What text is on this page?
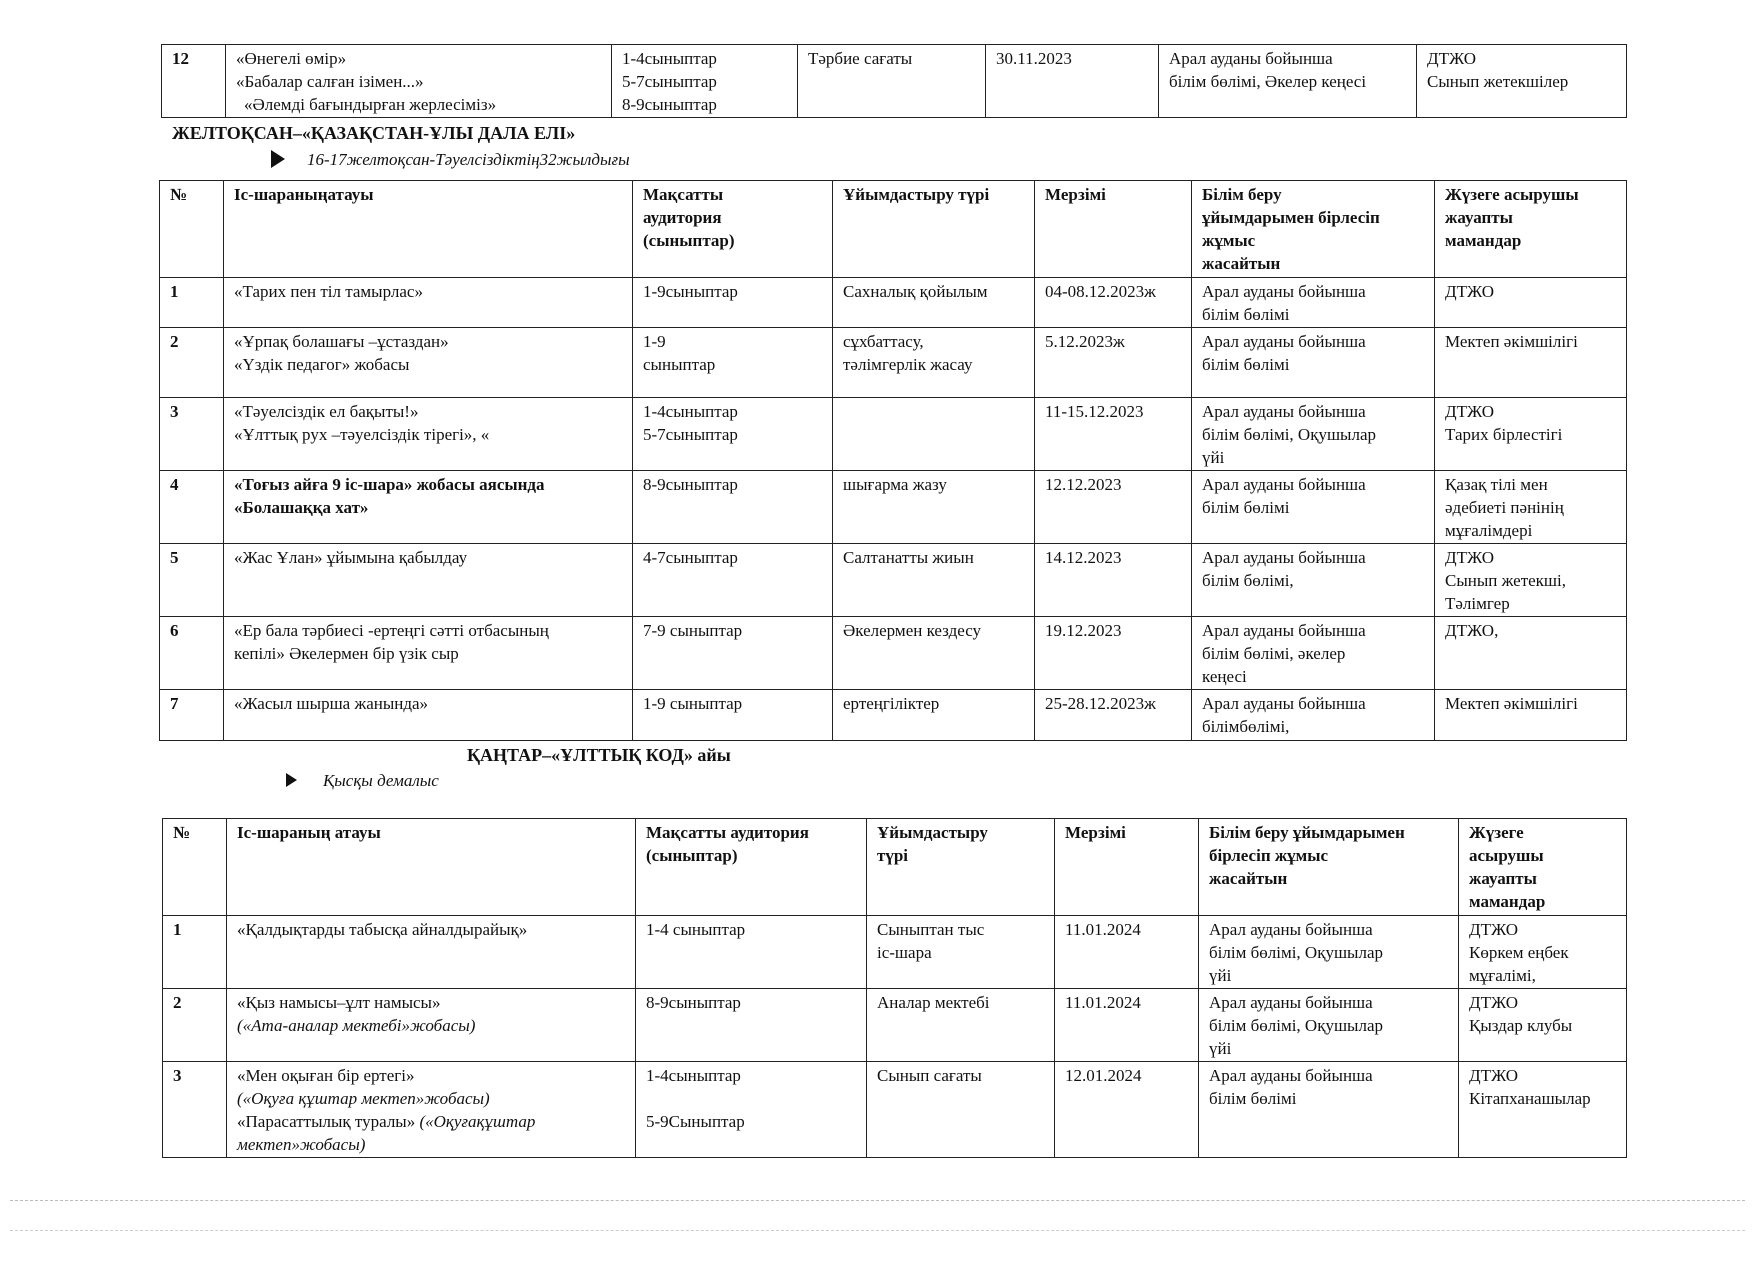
12	«Өнегелі өмір»
«Бабалар салған ізімен...»
«Әлемді бағындырған жерлесіміз»

1-4сыныптар
5-7сыныптар
8-9сыныптар
	Тәрбие сағаты	30.11.2023	Арал ауданы бойынша
білім бөлімі, Әкелер кеңесі

ДТЖО
Сынып жетекшілер
ЖЕЛТОҚСАН–«ҚАЗАҚСТАН-ҰЛЫ ДАЛА ЕЛІ»
16-17желтоқсан-Тәуелсіздіктің32жылдығы
№	Іс-шараныңатауы	Мақсатты
аудитория
(сыныптар)	Ұйымдастыру түрі	Мерзімі	Білім беру
ұйымдарымен бірлесіп
жұмыс
жасайтын	Жүзеге асырушы
жауапты
мамандар

1	«Тарих пен тіл тамырлас»	1-9сыныптар	Сахналық қойылым	04-08.12.2023ж	Арал ауданы бойынша
білім бөлімі	ДТЖО

2	«Ұрпақ болашағы –ұстаздан»
«Үздік педагог» жобасы	1-9
сыныптар	сұхбаттасу,
тәлімгерлік жасау	5.12.2023ж	Арал ауданы бойынша
білім бөлімі	Мектеп әкімшілігі

3	«Тәуелсіздік ел бақыты!»
«Ұлттық рух –тәуелсіздік тірегі», «	1-4сыныптар
5-7сыныптар		11-15.12.2023	Арал ауданы бойынша
білім бөлімі, Оқушылар
үйі	ДТЖО
Тарих бірлестігі

4	«Тоғыз айға 9 іс-шара» жобасы аясында
«Болашаққа хат»	8-9сыныптар	шығарма жазу	12.12.2023	Арал ауданы бойынша
білім бөлімі	Қазақ тілі мен
әдебиеті пәнінің
мұғалімдері

5	«Жас Ұлан» ұйымына қабылдау	4-7сыныптар	Салтанатты жиын	14.12.2023	Арал ауданы бойынша
білім бөлімі,	ДТЖО
Сынып жетекші,
Тәлімгер

6	«Ер бала тәрбиесі -ертеңгі сәтті отбасының
кепілі» Әкелермен бір үзік сыр	7-9 сыныптар	Әкелермен кездесу	19.12.2023	Арал ауданы бойынша
білім бөлімі, әкелер
кеңесі	ДТЖО,

7	«Жасыл шырша жанында»	1-9 сыныптар	ертеңгіліктер	25-28.12.2023ж	Арал ауданы бойынша
білімбөлімі,	Мектеп әкімшілігі
ҚАҢТАР–«ҰЛТТЫҚ КОД» айы
Қысқы демалыс
№	Іс-шараның атауы	Мақсатты аудитория
(сыныптар)	Ұйымдастыру
түрі	Мерзімі	Білім беру ұйымдарымен
бірлесіп жұмыс
жасайтын	Жүзеге
асырушы
жауапты
мамандар

1	«Қалдықтарды табысқа айналдырайық»	1-4 сыныптар	Сыныптан тыс
іс-шара	11.01.2024	Арал ауданы бойынша
білім бөлімі, Оқушылар
үйі	ДТЖО
Көркем еңбек
мұғалімі,

2	«Қыз намысы–ұлт намысы»
(«Ата-аналар мектебі»жобасы)	8-9сыныптар	Аналар мектебі	11.01.2024	Арал ауданы бойынша
білім бөлімі, Оқушылар
үйі	ДТЖО
Қыздар клубы

3	«Мен оқыған бір ертегі»
(«Оқуға құштар мектеп»жобасы)
«Парасаттылық туралы» («Оқуғақұштар
мектеп»жобасы)	1-4сыныптар
5-9Сыныптар	Сынып сағаты	12.01.2024	Арал ауданы бойынша
білім бөлімі	ДТЖО
Кітапханашылар
